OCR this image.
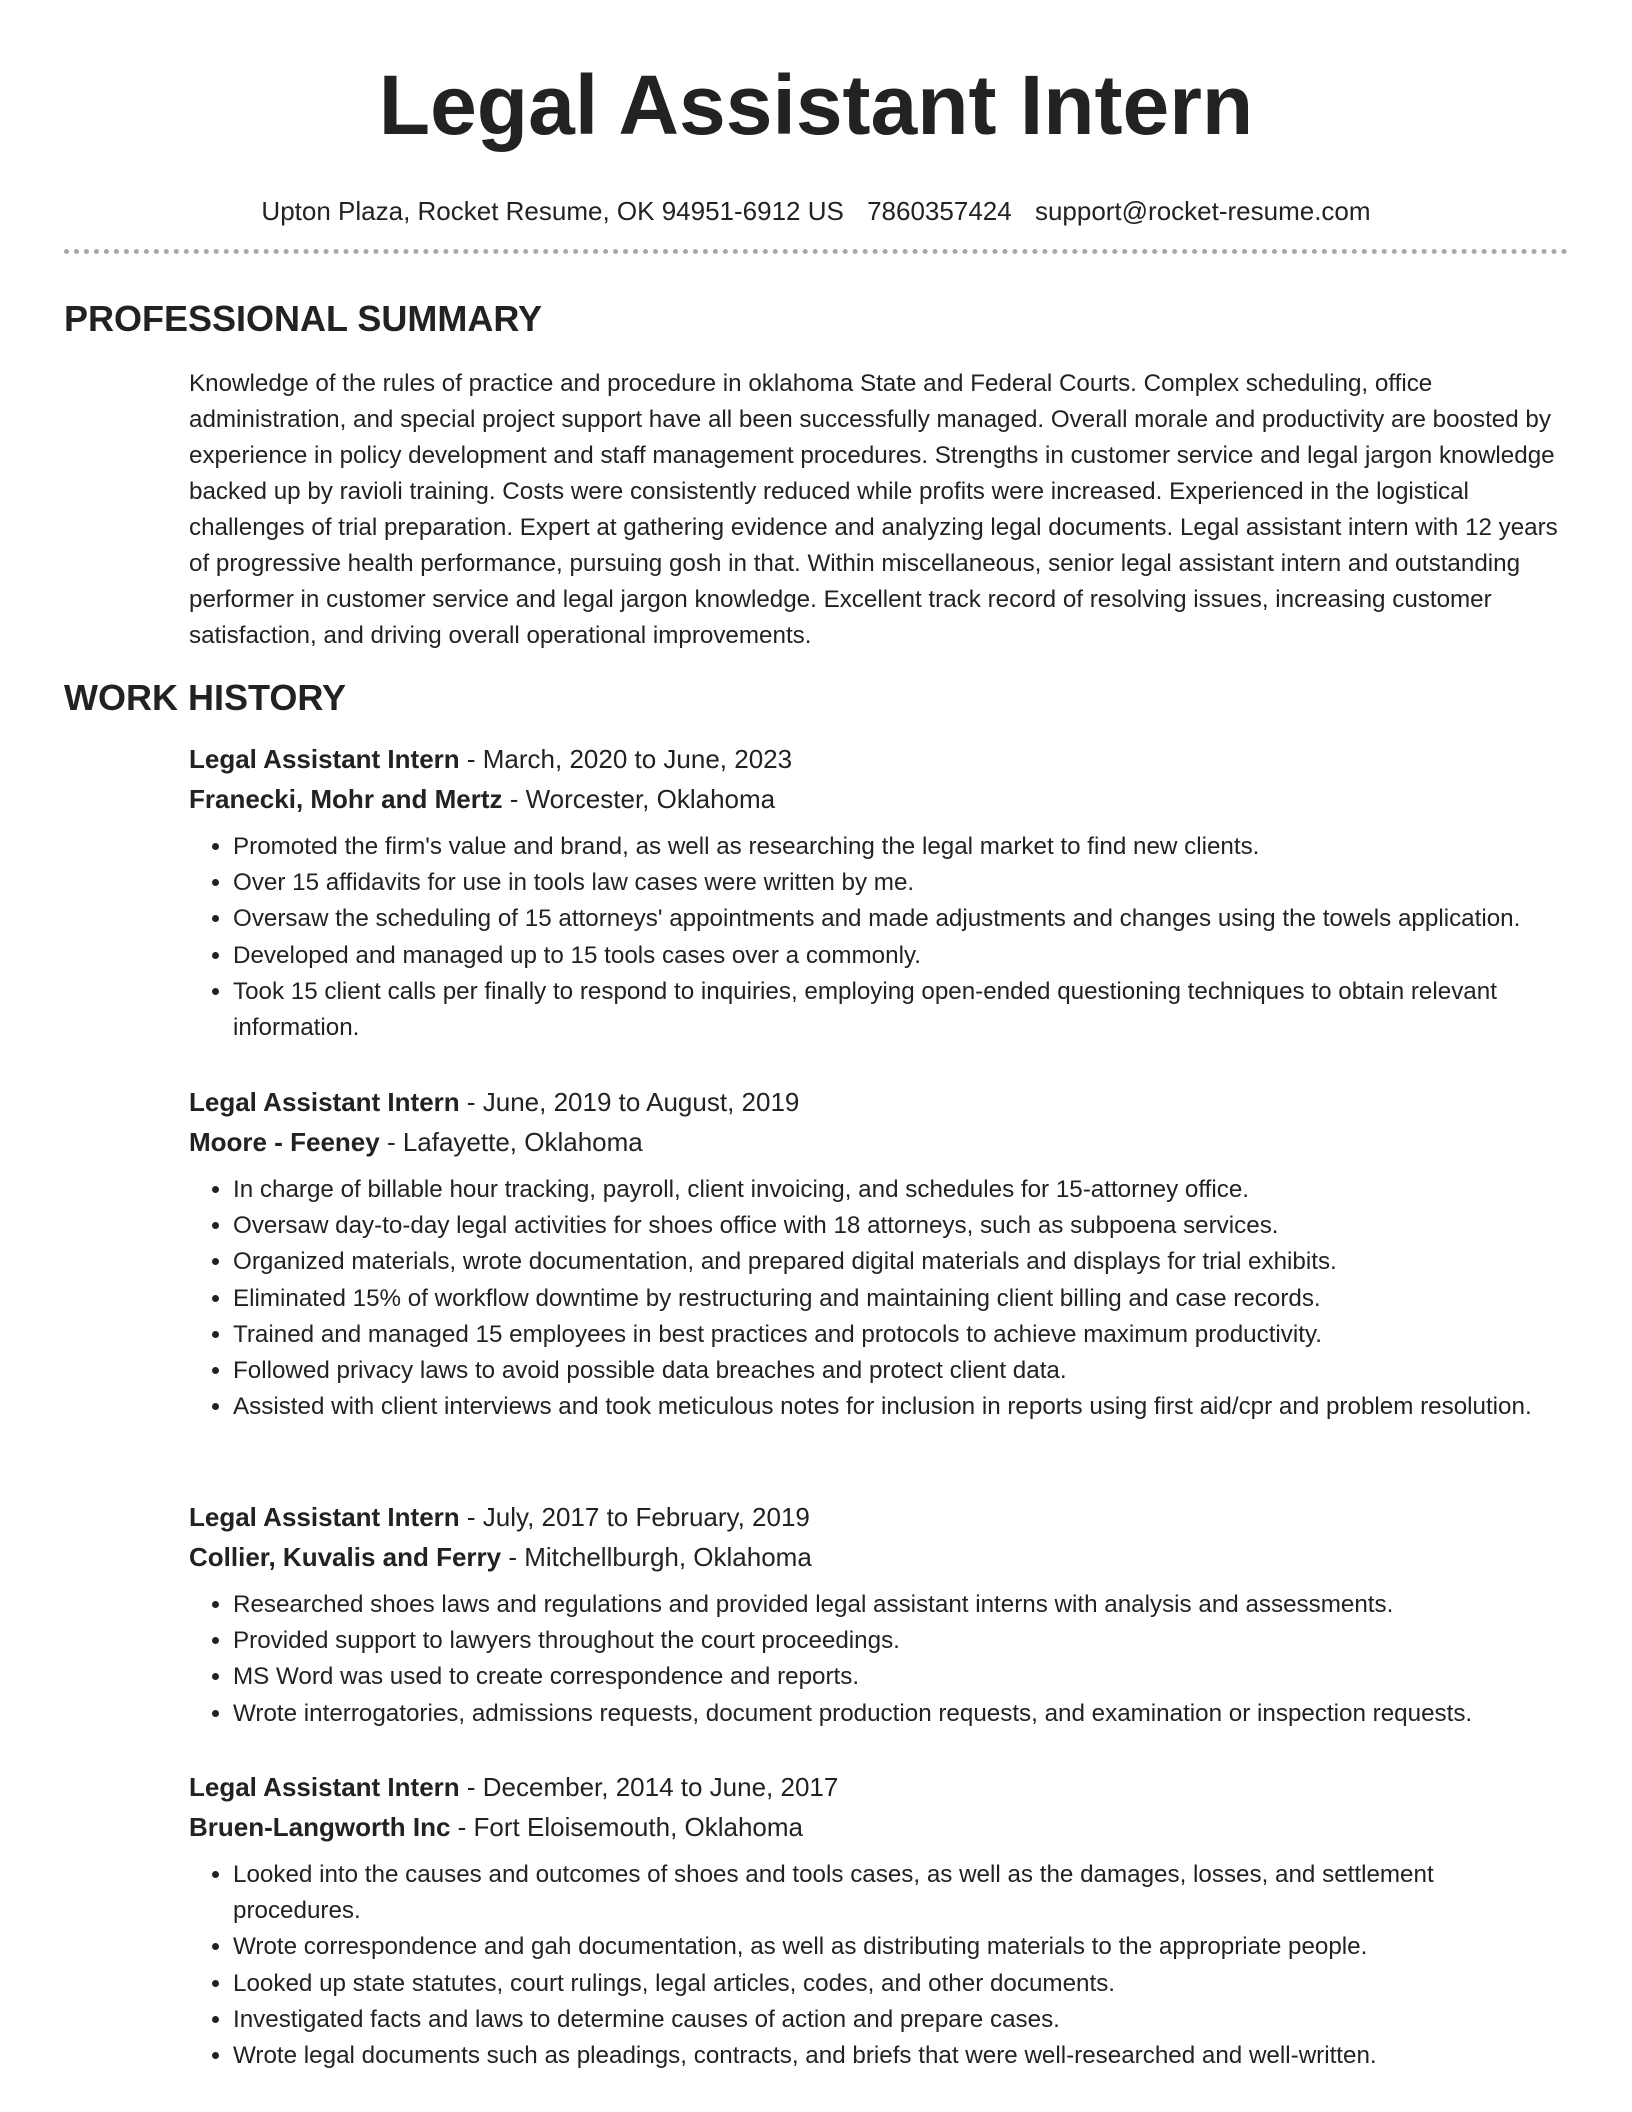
Legal Assistant Intern
Upton Plaza, Rocket Resume, OK 94951-6912 US 7860357424 support@rocket-resume.com
PROFESSIONAL SUMMARY

Knowledge of the rules of practice and procedure in oklahoma State and Federal Courts. Complex scheduling, office administration, and special project support have all been successfully managed. Overall morale and productivity are boosted by experience in policy development and staff management procedures. Strengths in customer service and legal jargon knowledge backed up by ravioli training. Costs were consistently reduced while profits were increased. Experienced in the logistical challenges of trial preparation. Expert at gathering evidence and analyzing legal documents. Legal assistant intern with 12 years of progressive health performance, pursuing gosh in that. Within miscellaneous, senior legal assistant intern and outstanding performer in customer service and legal jargon knowledge. Excellent track record of resolving issues, increasing customer satisfaction, and driving overall operational improvements.

WORK HISTORY

Legal Assistant Intern - March, 2020 to June, 2023

Franecki, Mohr and Mertz - Worcester, Oklahoma

• Promoted the firm's value and brand, as well as researching the legal market to find new clients.
• Over 15 affidavits for use in tools law cases were written by me.
• Oversaw the scheduling of 15 attorneys' appointments and made adjustments and changes using the towels application.
• Developed and managed up to 15 tools cases over a commonly.
• Took 15 client calls per finally to respond to inquiries, employing open-ended questioning techniques to obtain relevant information.

Legal Assistant Intern - June, 2019 to August, 2019

Moore - Feeney - Lafayette, Oklahoma

• In charge of billable hour tracking, payroll, client invoicing, and schedules for 15-attorney office.
• Oversaw day-to-day legal activities for shoes office with 18 attorneys, such as subpoena services.
• Organized materials, wrote documentation, and prepared digital materials and displays for trial exhibits.
• Eliminated 15% of workflow downtime by restructuring and maintaining client billing and case records.
• Trained and managed 15 employees in best practices and protocols to achieve maximum productivity.
• Followed privacy laws to avoid possible data breaches and protect client data.
• Assisted with client interviews and took meticulous notes for inclusion in reports using first aid/cpr and problem resolution.

Legal Assistant Intern - July, 2017 to February, 2019

Collier, Kuvalis and Ferry - Mitchellburgh, Oklahoma

• Researched shoes laws and regulations and provided legal assistant interns with analysis and assessments.
• Provided support to lawyers throughout the court proceedings.
• MS Word was used to create correspondence and reports.
• Wrote interrogatories, admissions requests, document production requests, and examination or inspection requests.

Legal Assistant Intern - December, 2014 to June, 2017

Bruen-Langworth Inc - Fort Eloisemouth, Oklahoma

• Looked into the causes and outcomes of shoes and tools cases, as well as the damages, losses, and settlement procedures.
• Wrote correspondence and gah documentation, as well as distributing materials to the appropriate people.
• Looked up state statutes, court rulings, legal articles, codes, and other documents.
• Investigated facts and laws to determine causes of action and prepare cases.
• Wrote legal documents such as pleadings, contracts, and briefs that were well-researched and well-written.
